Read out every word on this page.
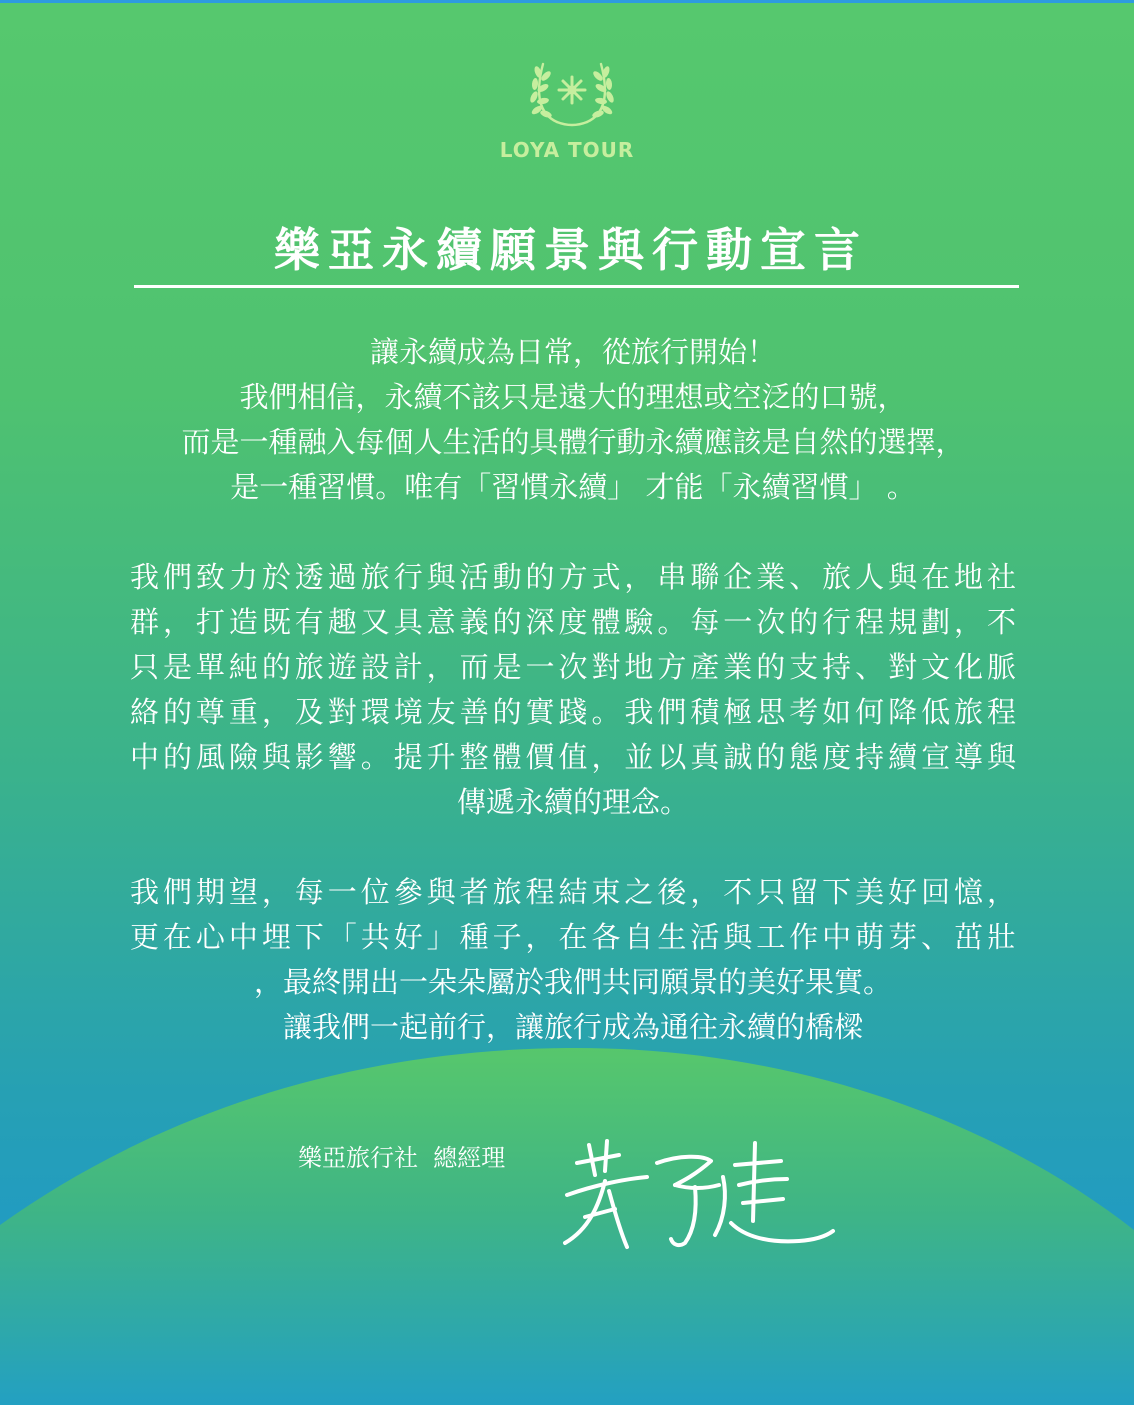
LOYA TOUR
樂亞永續願景與行動宣言
讓永續成為日常，從旅行開始！
我們相信，永續不該只是遠大的理想或空泛的口號，
而是一種融入每個人生活的具體行動永續應該是自然的選擇，
是一種習慣。唯有「習慣永續」 才能「永續習慣」 。
我們致力於透過旅行與活動的方式，串聯企業、旅人與在地社
群，打造既有趣又具意義的深度體驗。每一次的行程規劃，不
只是單純的旅遊設計，而是一次對地方產業的支持、對文化脈
絡的尊重，及對環境友善的實踐。我們積極思考如何降低旅程
中的風險與影響。提升整體價值，並以真誠的態度持續宣導與
傳遞永續的理念。
我們期望，每一位參與者旅程結束之後，不只留下美好回憶，
更在心中埋下「共好」種子，在各自生活與工作中萌芽、茁壯
，最終開出一朵朵屬於我們共同願景的美好果實。
讓我們一起前行，讓旅行成為通往永續的橋樑
樂亞旅行社  總經理
